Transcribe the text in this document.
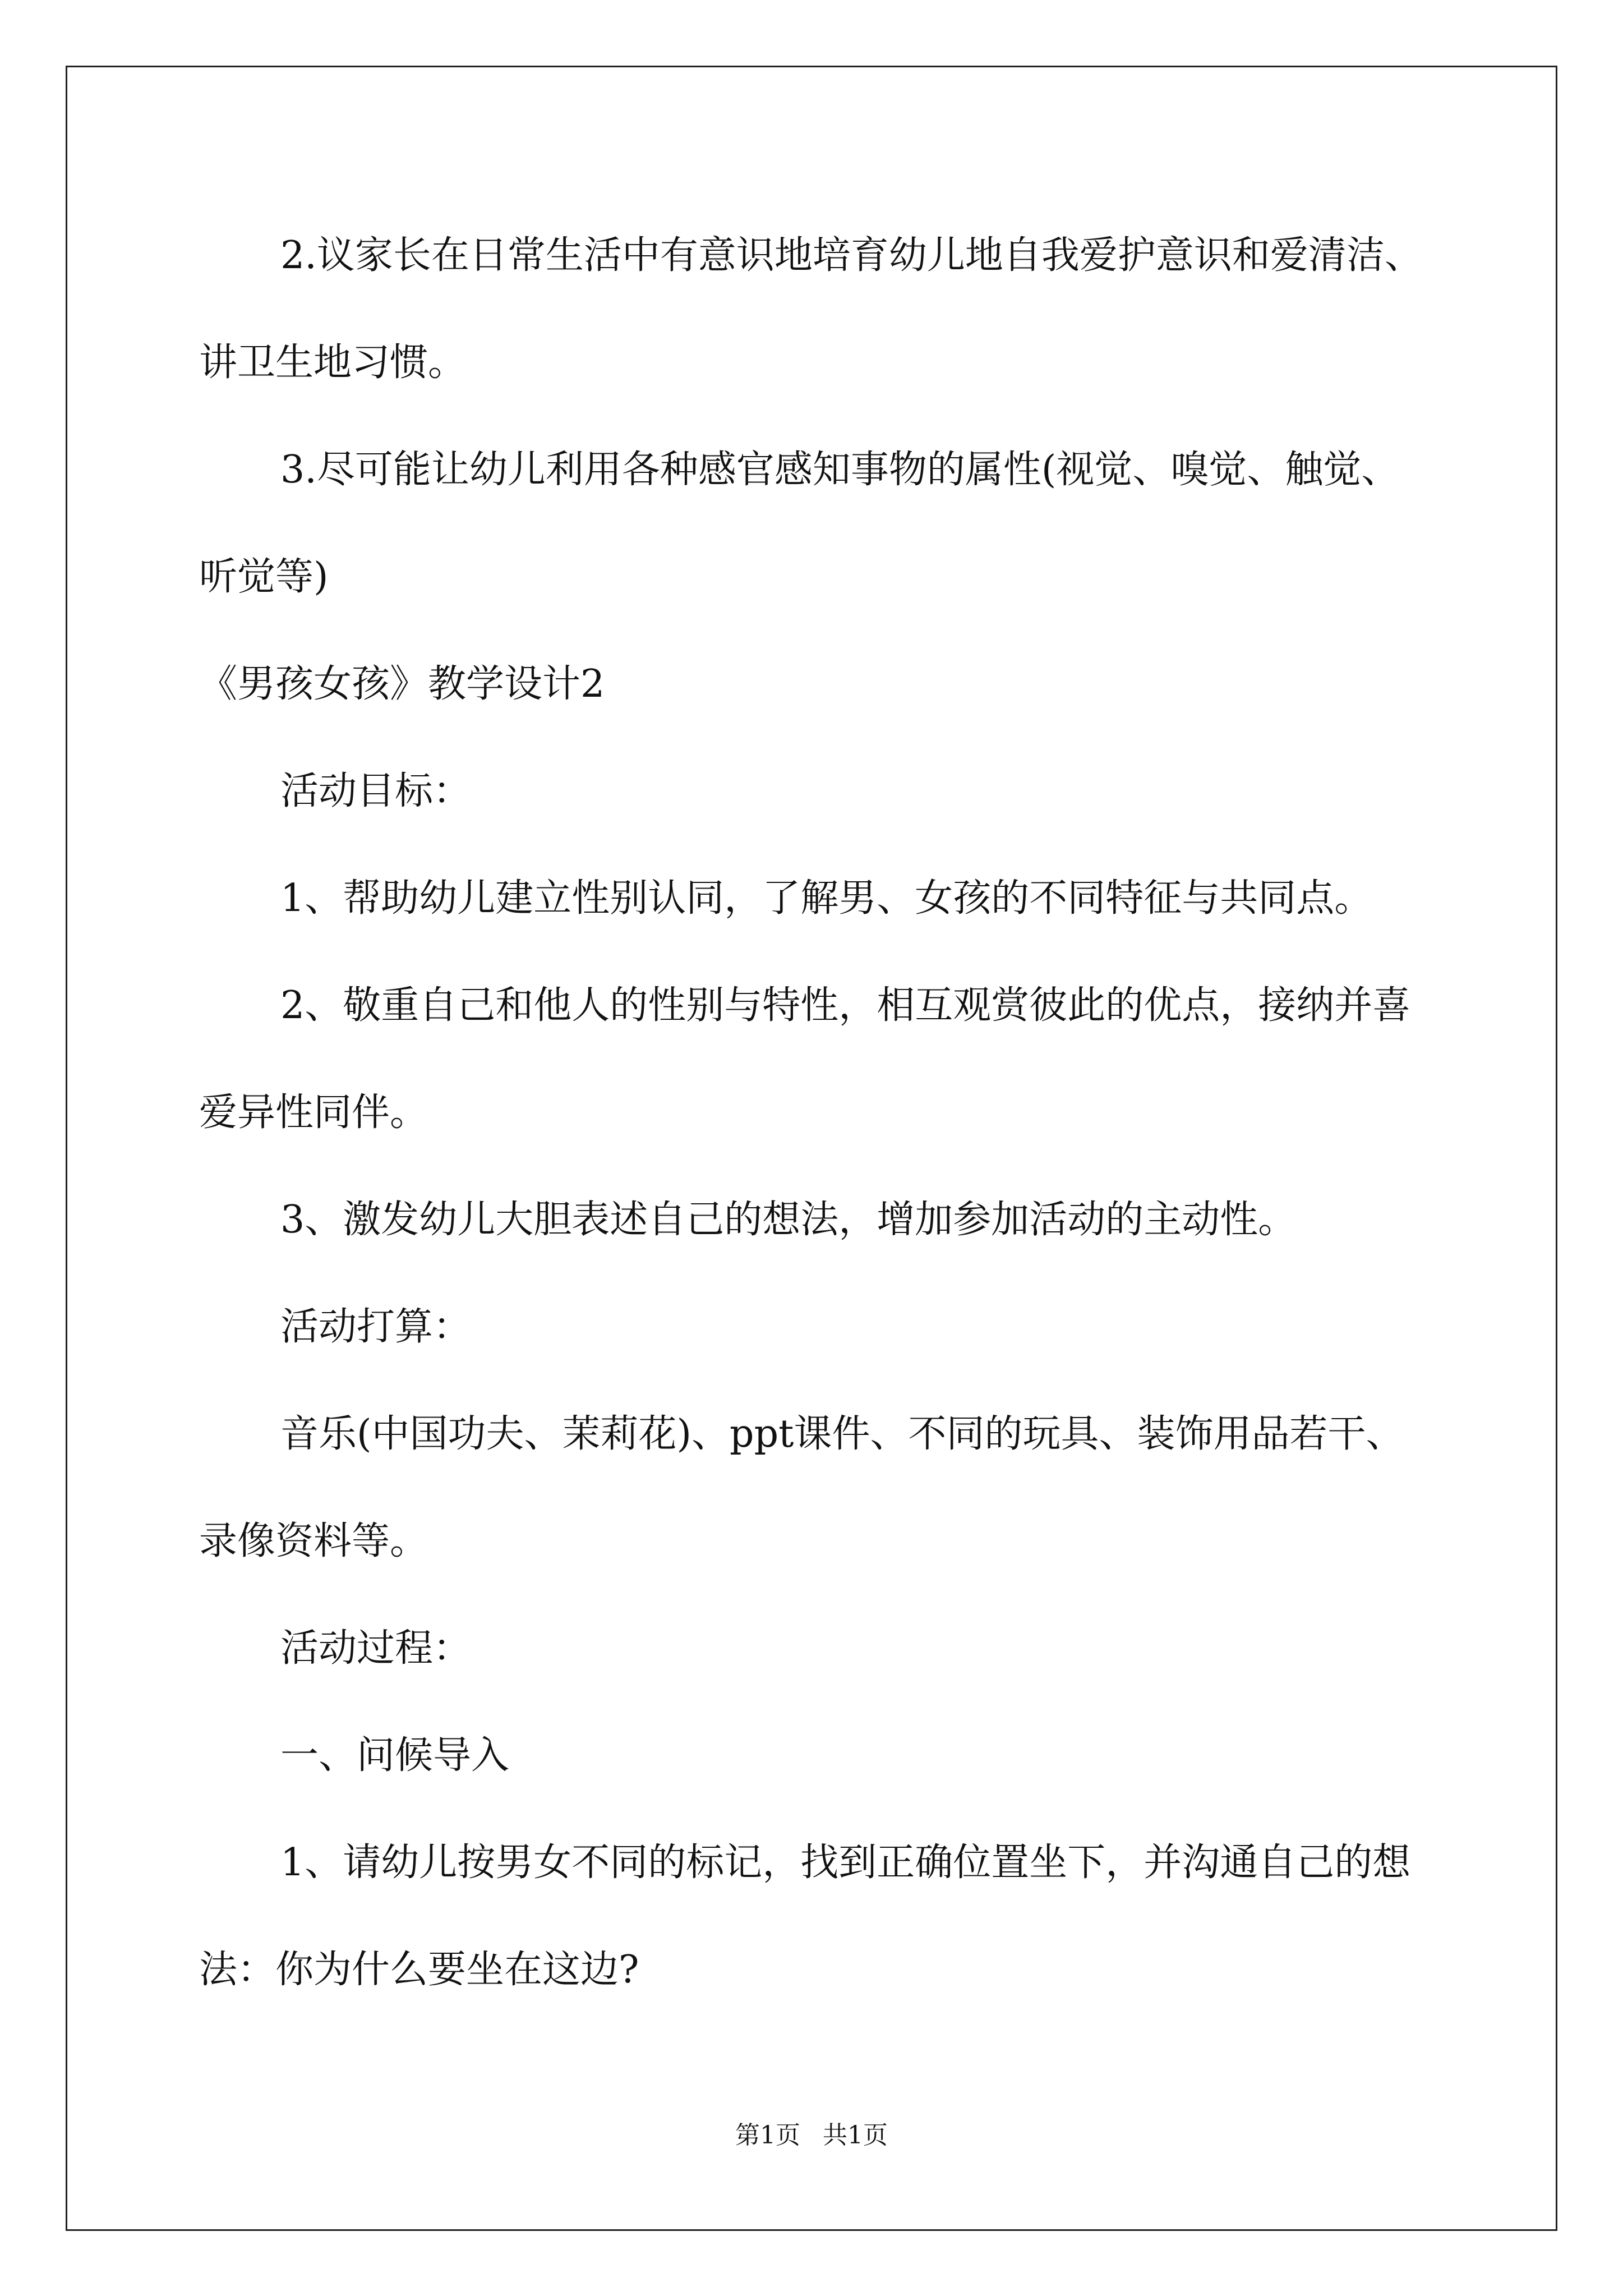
2.议家长在日常生活中有意识地培育幼儿地自我爱护意识和爱清洁、讲卫生地习惯。

3.尽可能让幼儿利用各种感官感知事物的属性(视觉、嗅觉、触觉、听觉等)

《男孩女孩》教学设计2

活动目标：

1、帮助幼儿建立性别认同，了解男、女孩的不同特征与共同点。

2、敬重自己和他人的性别与特性，相互观赏彼此的优点，接纳并喜爱异性同伴。

3、激发幼儿大胆表述自己的想法，增加参加活动的主动性。

活动打算：

音乐(中国功夫、茉莉花)、ppt课件、不同的玩具、装饰用品若干、录像资料等。

活动过程：

一、问候导入

1、请幼儿按男女不同的标记，找到正确位置坐下，并沟通自己的想法：你为什么要坐在这边?

第1页 共1页
